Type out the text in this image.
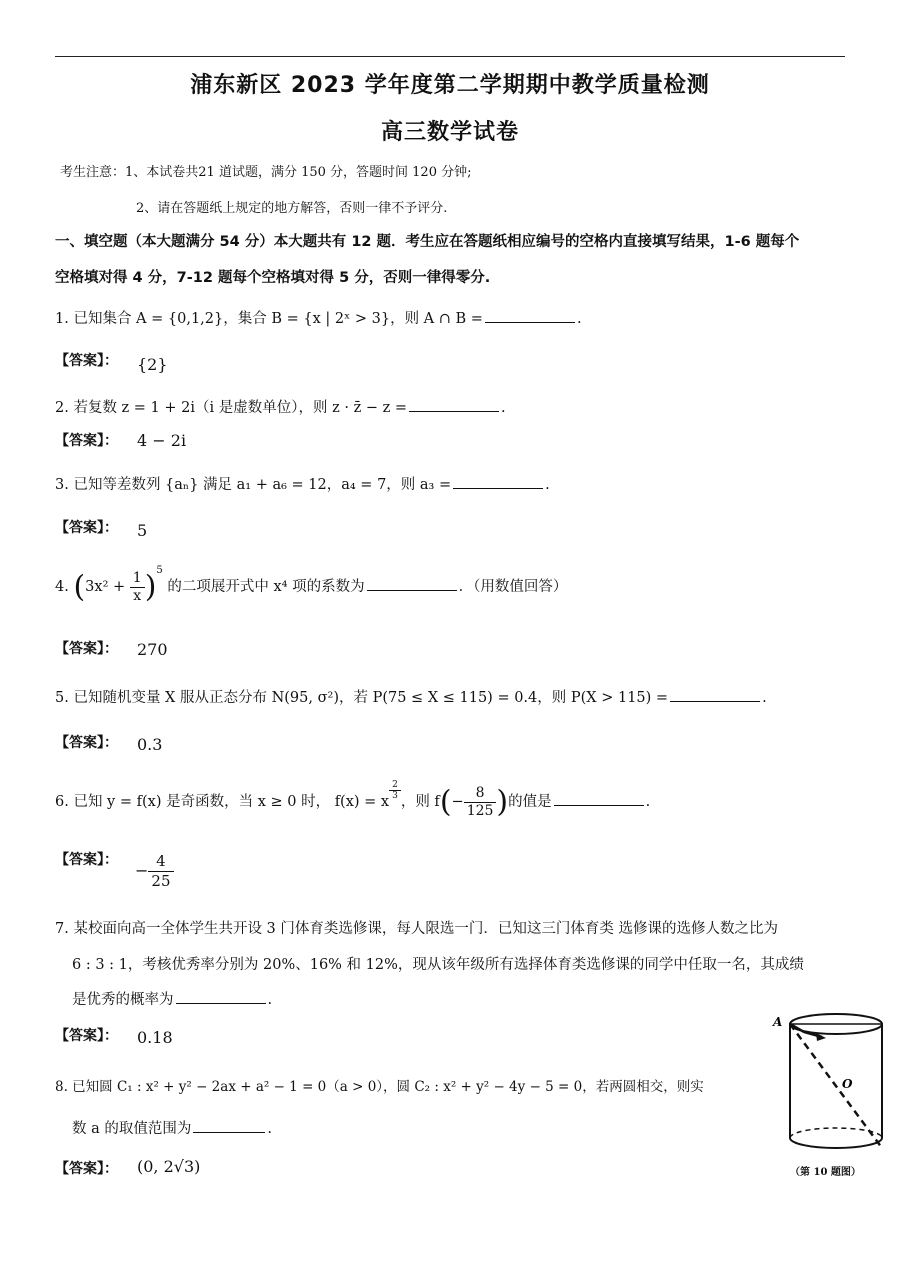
浦东新区 2023 学年度第二学期期中教学质量检测
高三数学试卷
考生注意：1、本试卷共21 道试题，满分 150 分，答题时间 120 分钟;
2、请在答题纸上规定的地方解答，否则一律不予评分.
一、填空题（本大题满分 54 分）本大题共有 12 题．考生应在答题纸相应编号的空格内直接填写结果，1-6 题每个
空格填对得 4 分，7-12 题每个空格填对得 5 分，否则一律得零分.
1. 已知集合 A = {0,1,2}，集合 B = {x | 2ˣ > 3}，则 A ∩ B =	.
【答案】： {2}
2. 若复数 z = 1 + 2i（i 是虚数单位），则 z · z̄ − z =	.
【答案】： 4 − 2i
3. 已知等差数列 {aₙ} 满足 a₁ + a₆ = 12，a₄ = 7，则 a₃ =	.
【答案】： 5
4. $(3x^2 + \frac{1}{x} )^5$ 的二项展开式中 x⁴ 项的系数为	．（用数值回答）
【答案】： 270
5. 已知随机变量 X 服从正态分布 N(95, σ²)，若 P(75 ≤ X ≤ 115) = 0.4，则 P(X > 115) =	.
【答案】： 0.3
6. 已知 y = f(x) 是奇函数，当 x ≥ 0 时， f(x) = x
$\frac{2}{3}$
，则 $f(- \frac{8}{125}$ )的值是	.
【答案】：
− $\frac{4}{25}$
7. 某校面向高一全体学生共开设 3 门体育类选修课，每人限选一门．已知这三门体育类 选修课的选修人数之比为
6 : 3 : 1，考核优秀率分别为 20%、16% 和 12%，现从该年级所有选择体育类选修课的同学中任取一名，其成绩
是优秀的概率为	.
【答案】： 0.18
8. 已知圆 C₁ : x² + y² − 2ax + a² − 1 = 0（a > 0），圆 C₂ : x² + y² − 4y − 5 = 0，若两圆相交，则实
数 a 的取值范围为	.
【答案】： (0, 2√3)
A
O
（第 10 题图）
